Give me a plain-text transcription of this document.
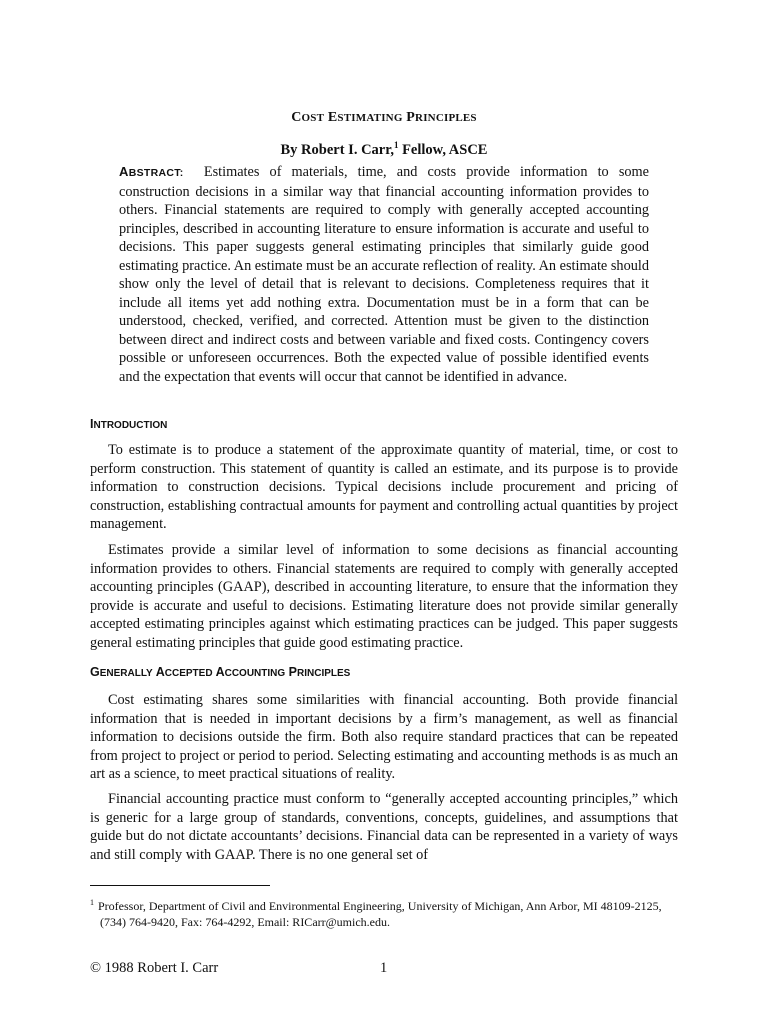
COST ESTIMATING PRINCIPLES
By Robert I. Carr,$^1$ Fellow, ASCE

ABSTRACT: Estimates of materials, time, and costs provide information to some construction decisions in a similar way that financial accounting information provides to others. Financial statements are required to comply with generally accepted accounting principles, described in accounting literature to ensure information is accurate and useful to decisions. This paper suggests general estimating principles that similarly guide good estimating practice. An estimate must be an accurate reflection of reality. An estimate should show only the level of detail that is relevant to decisions. Completeness requires that it include all items yet add nothing extra. Documentation must be in a form that can be understood, checked, verified, and corrected. Attention must be given to the distinction between direct and indirect costs and between variable and fixed costs. Contingency covers possible or unforeseen occurrences. Both the expected value of possible identified events and the expectation that events will occur that cannot be identified in advance.

INTRODUCTION

To estimate is to produce a statement of the approximate quantity of material, time, or cost to perform construction. This statement of quantity is called an estimate, and its purpose is to provide information to construction decisions. Typical decisions include procurement and pricing of construction, establishing contractual amounts for payment and controlling actual quantities by project management.

Estimates provide a similar level of information to some decisions as financial accounting information provides to others. Financial statements are required to comply with generally accepted accounting principles (GAAP), described in accounting literature, to ensure that the information they provide is accurate and useful to decisions. Estimating literature does not provide similar generally accepted estimating principles against which estimating practices can be judged. This paper suggests general estimating principles that guide good estimating practice.

GENERALLY ACCEPTED ACCOUNTING PRINCIPLES

Cost estimating shares some similarities with financial accounting. Both provide financial information that is needed in important decisions by a firm’s management, as well as financial information to decisions outside the firm. Both also require standard practices that can be repeated from project to project or period to period. Selecting estimating and accounting methods is as much an art as a science, to meet practical situations of reality.

Financial accounting practice must conform to “generally accepted accounting principles,” which is generic for a large group of standards, conventions, concepts, guidelines, and assumptions that guide but do not dictate accountants’ decisions. Financial data can be represented in a variety of ways and still comply with GAAP. There is no one general set of

$^1$ Professor, Department of Civil and Environmental Engineering, University of Michigan, Ann Arbor, MI 48109-2125, (734) 764-9420, Fax: 764-4292, Email: RICarr@umich.edu.

© 1988 Robert I. Carr	1
